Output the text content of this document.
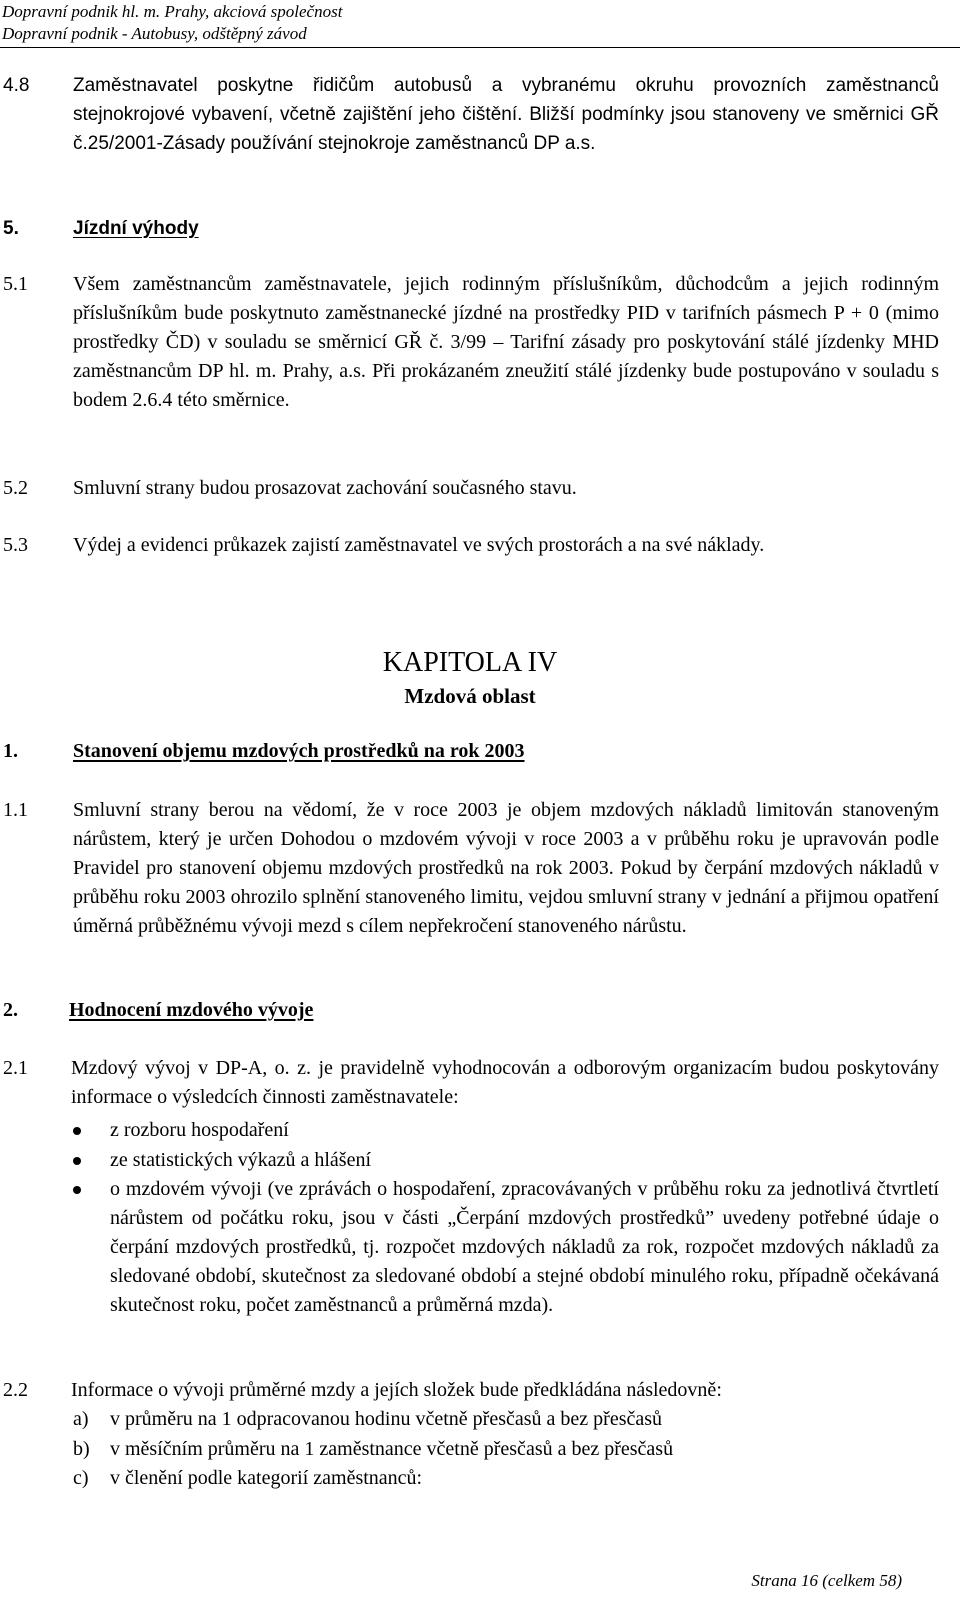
Dopravní podnik hl. m. Prahy, akciová společnost
Dopravní podnik - Autobusy, odštěpný závod
4.8 Zaměstnavatel poskytne řidičům autobusů a vybranému okruhu provozních zaměstnanců stejnokrojové vybavení, včetně zajištění jeho čištění. Bližší podmínky jsou stanoveny ve směrnici GŘ č.25/2001-Zásady používání stejnokroje zaměstnanců DP a.s.
5.	Jízdní výhody
5.1 Všem zaměstnancům zaměstnavatele, jejich rodinným příslušníkům, důchodcům a jejich rodinným příslušníkům bude poskytnuto zaměstnanecké jízdné na prostředky PID v tarifních pásmech P + 0 (mimo prostředky ČD) v souladu se směrnicí GŘ č. 3/99 – Tarifní zásady pro poskytování stálé jízdenky MHD zaměstnancům DP hl. m. Prahy, a.s. Při prokázaném zneužití stálé jízdenky bude postupováno v souladu s bodem 2.6.4 této směrnice.
5.2 Smluvní strany budou prosazovat zachování současného stavu.
5.3 Výdej a evidenci průkazek zajistí zaměstnavatel ve svých prostorách a na své náklady.
KAPITOLA IV
Mzdová oblast
1.	Stanovení objemu mzdových prostředků na rok 2003
1.1 Smluvní strany berou na vědomí, že v roce 2003 je objem mzdových nákladů limitován stanoveným nárůstem, který je určen Dohodou o mzdovém vývoji v roce 2003 a v průběhu roku je upravován podle Pravidel pro stanovení objemu mzdových prostředků na rok 2003. Pokud by čerpání mzdových nákladů v průběhu roku 2003 ohrozilo splnění stanoveného limitu, vejdou smluvní strany v jednání a přijmou opatření úměrná průběžnému vývoji mezd s cílem nepřekročení stanoveného nárůstu.
2.	Hodnocení mzdového vývoje
2.1 Mzdový vývoj v DP-A, o. z. je pravidelně vyhodnocován a odborovým organizacím budou poskytovány informace o výsledcích činnosti zaměstnavatele:
z rozboru hospodaření
ze statistických výkazů a hlášení
o mzdovém vývoji (ve zprávách o hospodaření, zpracovávaných v průběhu roku za jednotlivá čtvrtletí nárůstem od počátku roku, jsou v části „Čerpání mzdových prostředků” uvedeny potřebné údaje o čerpání mzdových prostředků, tj. rozpočet mzdových nákladů za rok, rozpočet mzdových nákladů za sledované období, skutečnost za sledované období a stejné období minulého roku, případně očekávaná skutečnost roku, počet zaměstnanců a průměrná mzda).
2.2 Informace o vývoji průměrné mzdy a jejích složek bude předkládána následovně:
a) v průměru na 1 odpracovanou hodinu včetně přesčasů a bez přesčasů
b) v měsíčním průměru na 1 zaměstnance včetně přesčasů a bez přesčasů
c) v členění podle kategorií zaměstnanců:
Strana 16 (celkem 58)
